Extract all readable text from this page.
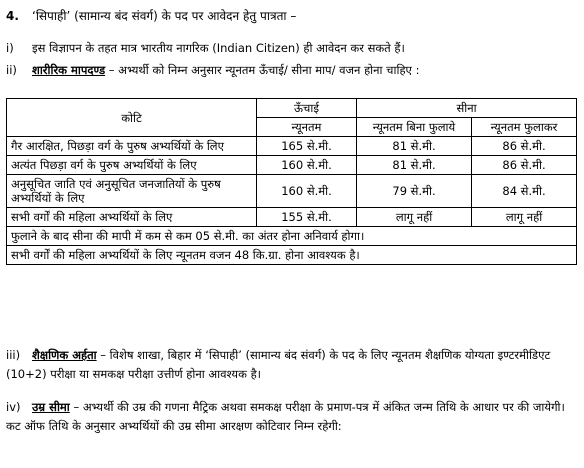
4. ‘सिपाही’ (सामान्य बंद संवर्ग) के पद पर आवेदन हेतु पात्रता –
i) इस विज्ञापन के तहत मात्र भारतीय नागरिक (Indian Citizen) ही आवेदन कर सकते हैं।
ii) शारीरिक मापदण्ड – अभ्यर्थी को निम्न अनुसार न्यूनतम ऊँचाई/ सीना माप/ वजन होना चाहिए :
कोटि	ऊँचाई	सीना	
	न्यूनतम	न्यूनतम बिना फुलाये	न्यूनतम फुलाकर
गैर आरक्षित, पिछड़ा वर्ग के पुरुष अभ्यर्थियों के लिए	165 से.मी.	81 से.मी.	86 से.मी.
अत्यंत पिछड़ा वर्ग के पुरुष अभ्यर्थियों के लिए	160 से.मी.	81 से.मी.	86 से.मी.
अनुसूचित जाति एवं अनुसूचित जनजातियों के पुरुष अभ्यर्थियों के लिए	160 से.मी.	79 से.मी.	84 से.मी.
सभी वर्गों की महिला अभ्यर्थियों के लिए	155 से.मी.	लागू नहीं	लागू नहीं
फुलाने के बाद सीना की मापी में कम से कम 05 से.मी. का अंतर होना अनिवार्य होगा।			
सभी वर्गों की महिला अभ्यर्थियों के लिए न्यूनतम वजन 48 कि.ग्रा. होना आवश्यक है।			
iii) शैक्षणिक अर्हता – विशेष शाखा, बिहार में ‘सिपाही’ (सामान्य बंद संवर्ग) के पद के लिए न्यूनतम शैक्षणिक योग्यता इण्टरमीडिएट (10+2) परीक्षा या समकक्ष परीक्षा उत्तीर्ण होना आवश्यक है।
iv) उम्र सीमा – अभ्यर्थी की उम्र की गणना मैट्रिक अथवा समकक्ष परीक्षा के प्रमाण-पत्र में अंकित जन्म तिथि के आधार पर की जायेगी। कट ऑफ तिथि के अनुसार अभ्यर्थियों की उम्र सीमा आरक्षण कोटिवार निम्न रहेगी:
